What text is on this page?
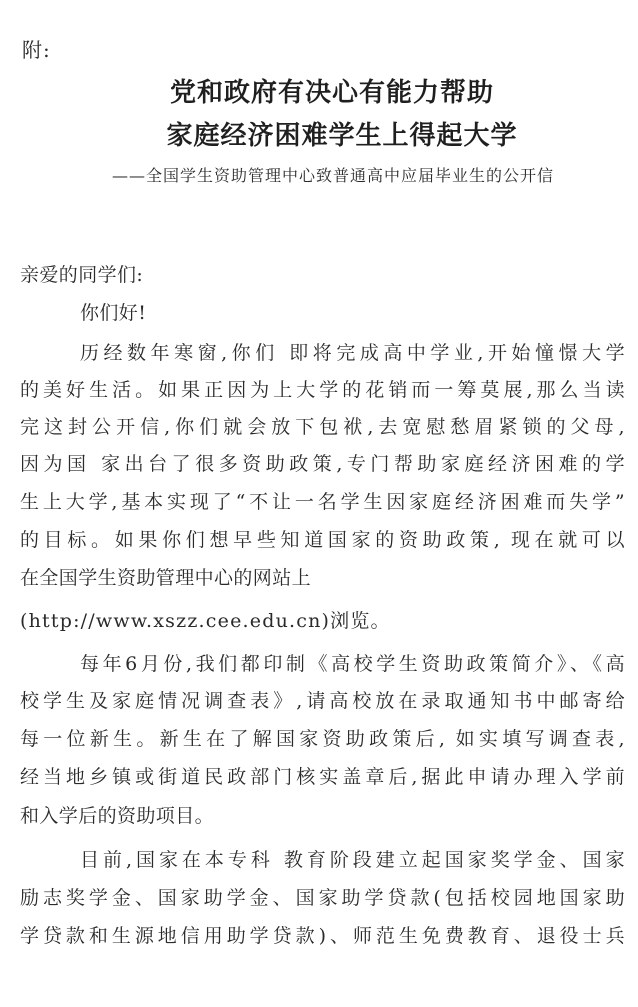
附:
党和政府有决心有能力帮助
家庭经济困难学生上得起大学
——全国学生资助管理中心致普通高中应届毕业生的公开信
亲爱的同学们:
你们好!
历经数年寒窗,你们 即将完成高中学业,开始憧憬大学
的美好生活。如果正因为上大学的花销而一筹莫展,那么当读
完这封公开信,你们就会放下包袱,去宽慰愁眉紧锁的父母,
因为国 家出台了很多资助政策,专门帮助家庭经济困难的学
生上大学,基本实现了“不让一名学生因家庭经济困难而失学”
的目标。如果你们想早些知道国家的资助政策, 现在就可以
在全国学生资助管理中心的网站上
(http://www.xszz.cee.edu.cn)浏览。
每年6月份,我们都印制《高校学生资助政策简介》、《高
校学生及家庭情况调查表》,请高校放在录取通知书中邮寄给
每一位新生。新生在了解国家资助政策后, 如实填写调查表,
经当地乡镇或街道民政部门核实盖章后,据此申请办理入学前
和入学后的资助项目。
目前,国家在本专科 教育阶段建立起国家奖学金、国家
励志奖学金、国家助学金、国家助学贷款(包括校园地国家助
学贷款和生源地信用助学贷款)、师范生免费教育、退役士兵
